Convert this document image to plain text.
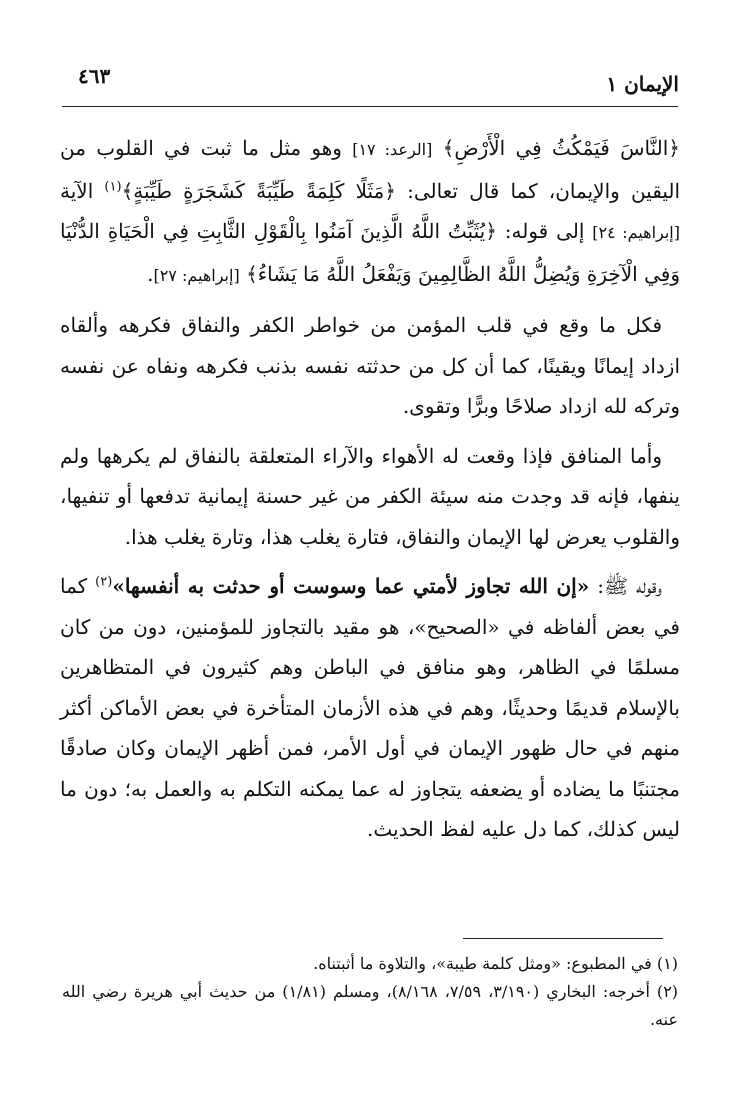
الإيمان ١
٤٦٣

﴿النَّاسَ فَيَمْكُثُ فِي الْأَرْضِ﴾ [الرعد: ١٧] وهو مثل ما ثبت في القلوب من اليقين والإيمان، كما قال تعالى: ﴿مَثَلًا كَلِمَةً طَيِّبَةً كَشَجَرَةٍ طَيِّبَةٍ﴾$^{(١)}$ الآية [إبراهيم: ٢٤] إلى قوله: ﴿يُثَبِّتُ اللَّهُ الَّذِينَ آمَنُوا بِالْقَوْلِ الثَّابِتِ فِي الْحَيَاةِ الدُّنْيَا وَفِي الْآخِرَةِ وَيُضِلُّ اللَّهُ الظَّالِمِينَ وَيَفْعَلُ اللَّهُ مَا يَشَاءُ﴾ [إبراهيم: ٢٧].

فكل ما وقع في قلب المؤمن من خواطر الكفر والنفاق فكرهه وألقاه ازداد إيمانًا ويقينًا، كما أن كل من حدثته نفسه بذنب فكرهه ونفاه عن نفسه وتركه لله ازداد صلاحًا وبرًّا وتقوى.

وأما المنافق فإذا وقعت له الأهواء والآراء المتعلقة بالنفاق لم يكرهها ولم ينفها، فإنه قد وجدت منه سيئة الكفر من غير حسنة إيمانية تدفعها أو تنفيها، والقلوب يعرض لها الإيمان والنفاق، فتارة يغلب هذا، وتارة يغلب هذا.

وقوله ﷺ: «إن الله تجاوز لأمتي عما وسوست أو حدثت به أنفسها»$^{(٢)}$ كما في بعض ألفاظه في «الصحيح»، هو مقيد بالتجاوز للمؤمنين، دون من كان مسلمًا في الظاهر، وهو منافق في الباطن وهم كثيرون في المتظاهرين بالإسلام قديمًا وحديثًا، وهم في هذه الأزمان المتأخرة في بعض الأماكن أكثر منهم في حال ظهور الإيمان في أول الأمر، فمن أظهر الإيمان وكان صادقًا مجتنبًا ما يضاده أو يضعفه يتجاوز له عما يمكنه التكلم به والعمل به؛ دون ما ليس كذلك، كما دل عليه لفظ الحديث.

(١) في المطبوع: «ومثل كلمة طيبة»، والتلاوة ما أثبتناه.

(٢) أخرجه: البخاري (٣/١٩٠، ٧/٥٩، ٨/١٦٨)، ومسلم (١/٨١) من حديث أبي هريرة رضي الله عنه.
